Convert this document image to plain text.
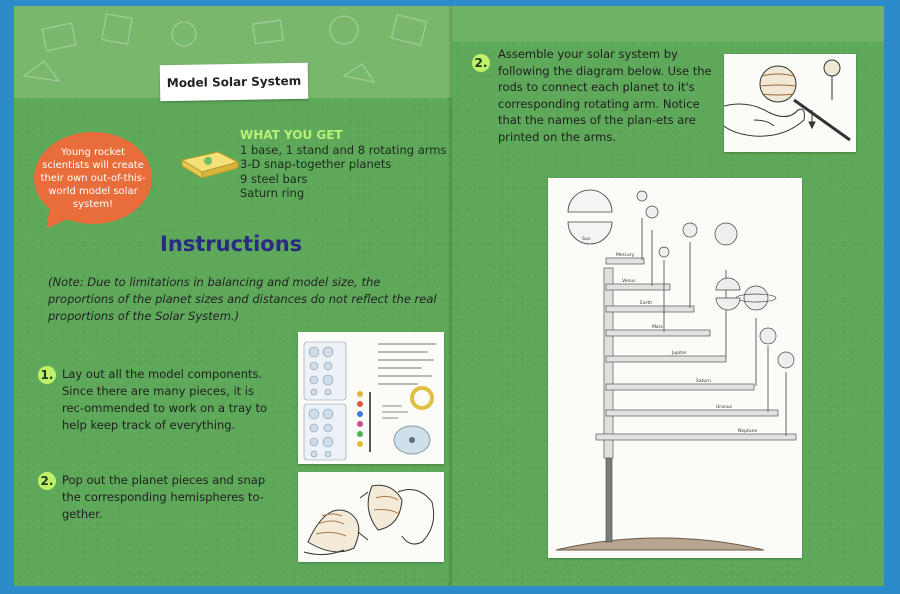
Model Solar System
Young rocket scientists will create their own out-of-this-world model solar system!
WHAT YOU GET
1 base, 1 stand and 8 rotating arms
3-D snap-together planets
9 steel bars
Saturn ring
Instructions
(Note: Due to limitations in balancing and model size, the proportions of the planet sizes and distances do not reflect the real proportions of the Solar System.)
1. Lay out all the model components. Since there are many pieces, it is rec-ommended to work on a tray to help keep track of everything.
2. Pop out the planet pieces and snap the corresponding hemispheres to-gether.
2.
Assemble your solar system by following the diagram below. Use the rods to connect each planet to it's corresponding rotating arm. Notice that the names of the plan-ets are printed on the arms.
Sun
Mercury
Venus
Earth
Mars
Jupiter
Saturn
Uranus
Neptune
